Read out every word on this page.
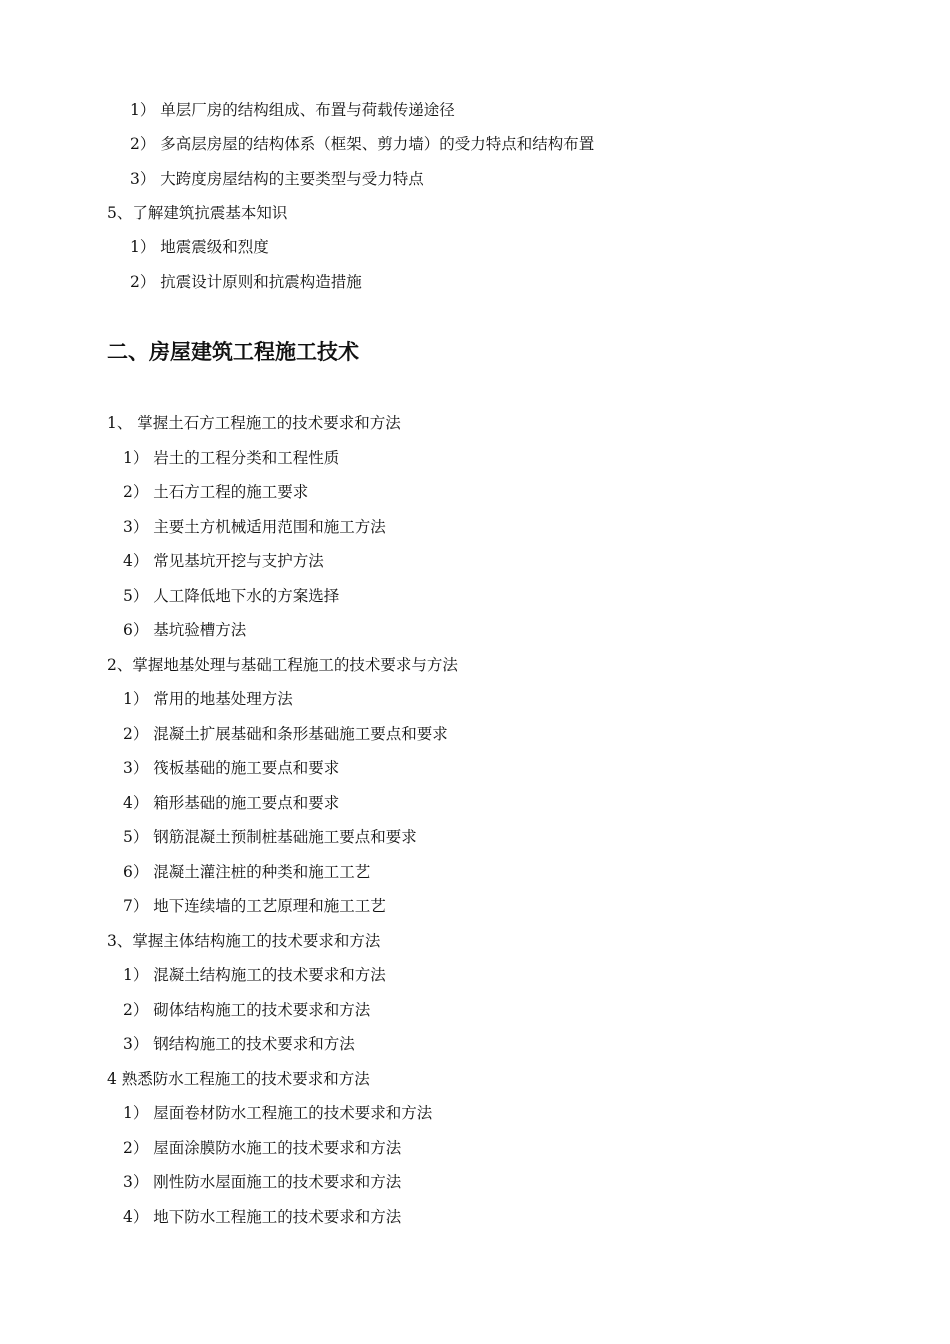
1） 单层厂房的结构组成、布置与荷载传递途径
2） 多高层房屋的结构体系（框架、剪力墙）的受力特点和结构布置
3） 大跨度房屋结构的主要类型与受力特点
5、了解建筑抗震基本知识
1） 地震震级和烈度
2） 抗震设计原则和抗震构造措施
二、房屋建筑工程施工技术
1、 掌握土石方工程施工的技术要求和方法
1） 岩土的工程分类和工程性质
2） 土石方工程的施工要求
3） 主要土方机械适用范围和施工方法
4） 常见基坑开挖与支护方法
5） 人工降低地下水的方案选择
6） 基坑验槽方法
2、掌握地基处理与基础工程施工的技术要求与方法
1） 常用的地基处理方法
2） 混凝土扩展基础和条形基础施工要点和要求
3） 筏板基础的施工要点和要求
4） 箱形基础的施工要点和要求
5） 钢筋混凝土预制桩基础施工要点和要求
6） 混凝土灌注桩的种类和施工工艺
7） 地下连续墙的工艺原理和施工工艺
3、掌握主体结构施工的技术要求和方法
1） 混凝土结构施工的技术要求和方法
2） 砌体结构施工的技术要求和方法
3） 钢结构施工的技术要求和方法
4 熟悉防水工程施工的技术要求和方法
1） 屋面卷材防水工程施工的技术要求和方法
2） 屋面涂膜防水施工的技术要求和方法
3） 刚性防水屋面施工的技术要求和方法
4） 地下防水工程施工的技术要求和方法
